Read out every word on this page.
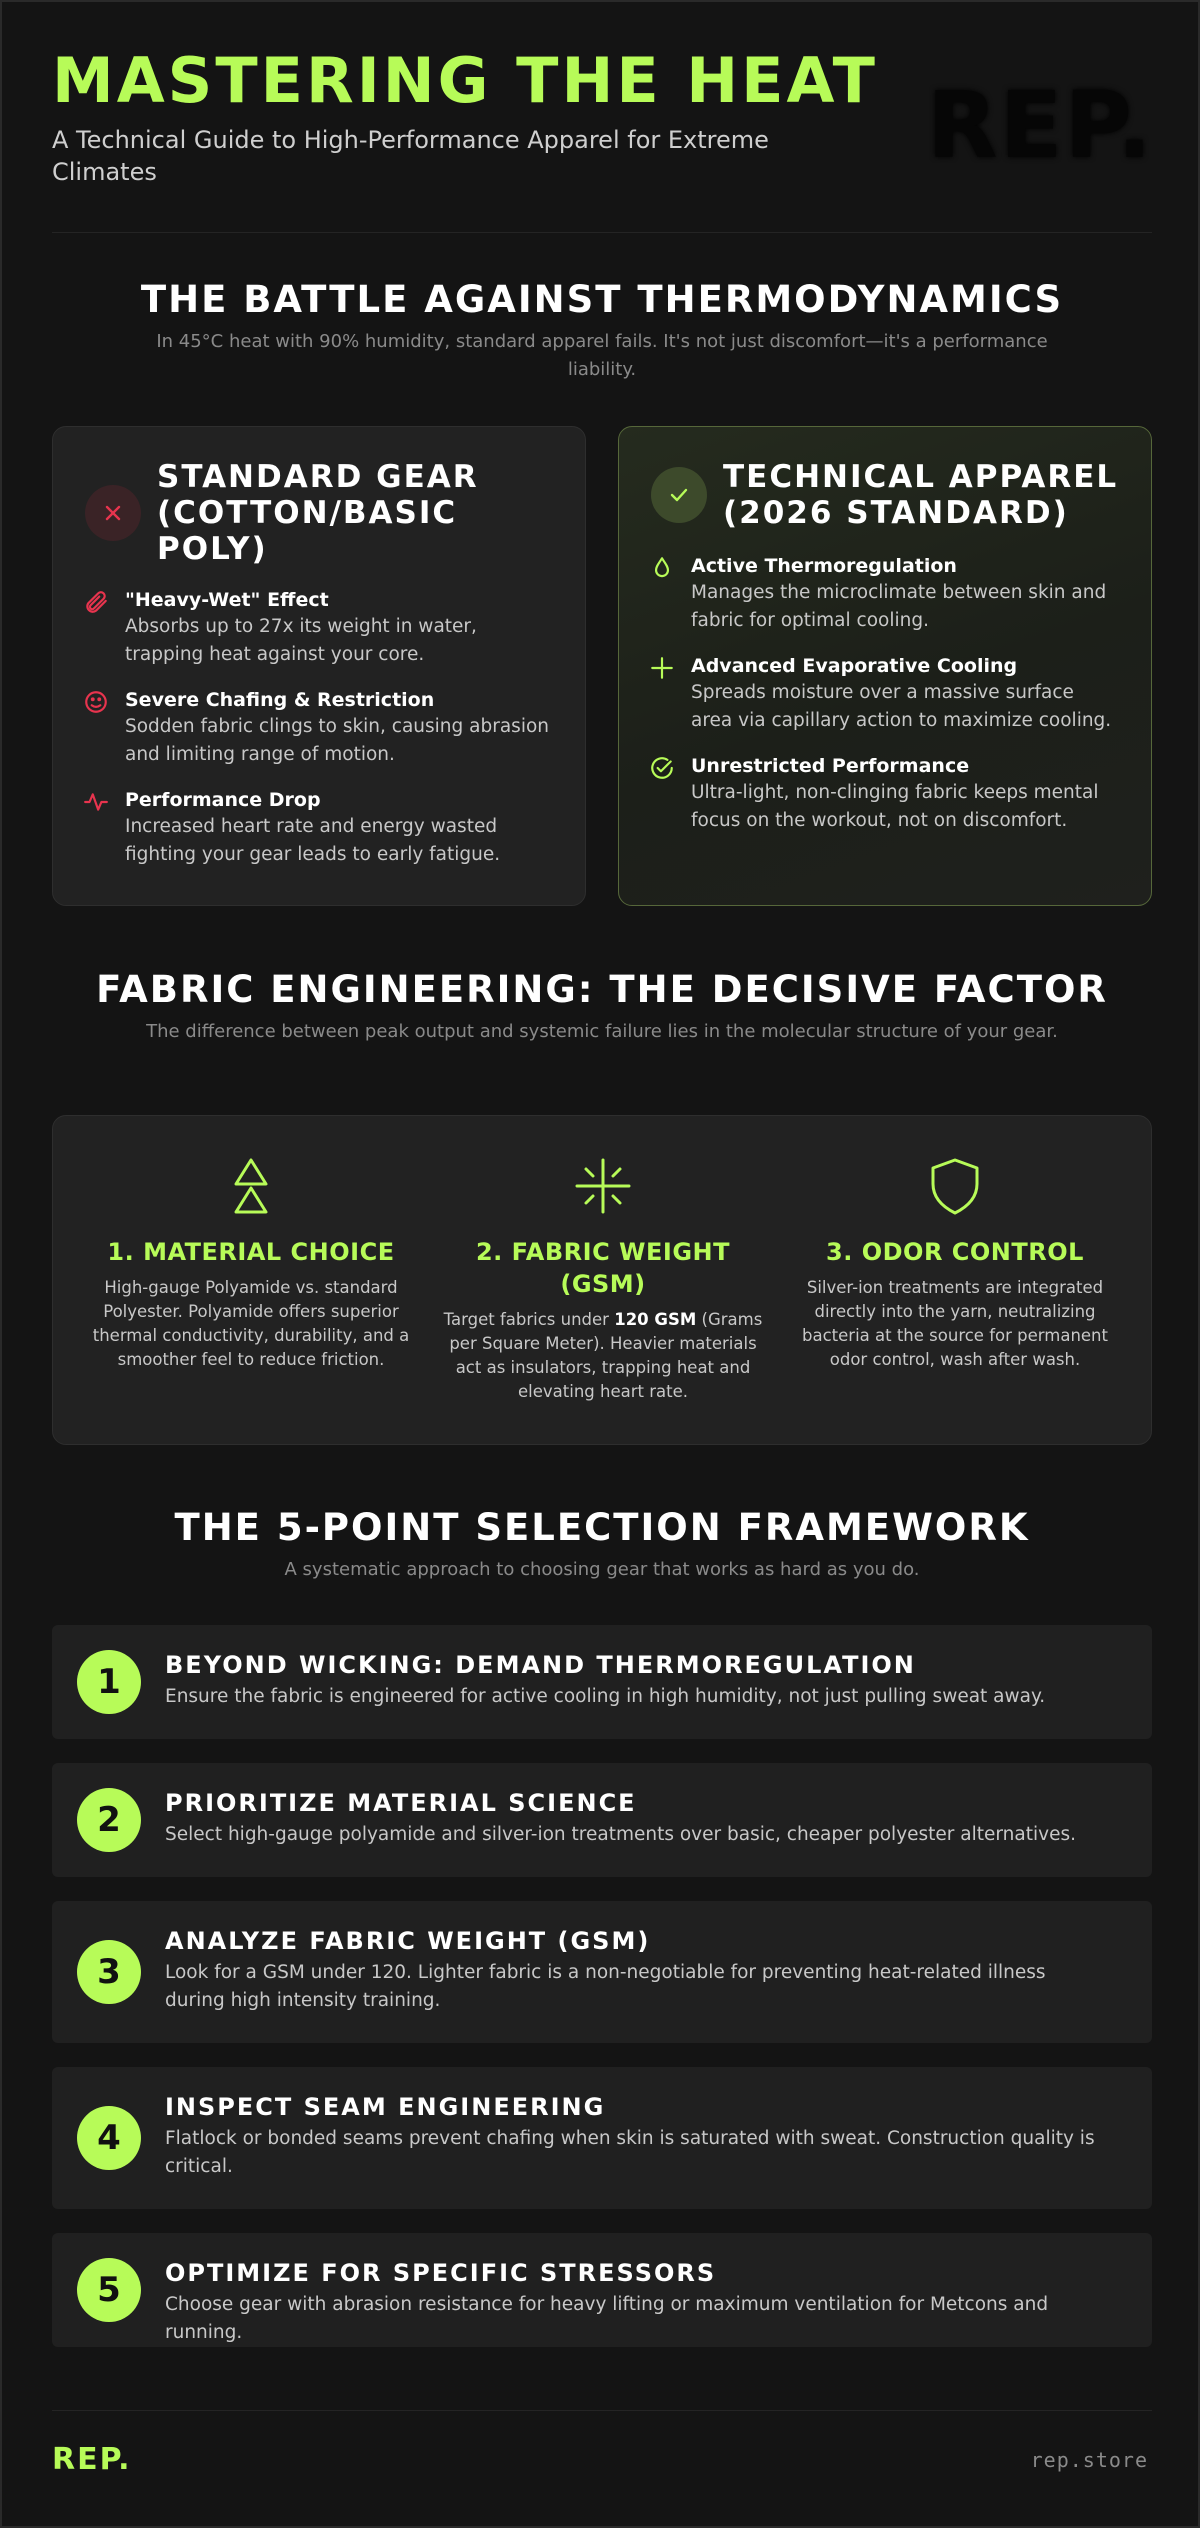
MASTERING THE HEAT
A Technical Guide to High-Performance Apparel for Extreme Climates	REP.
THE BATTLE AGAINST THERMODYNAMICS
In 45°C heat with 90% humidity, standard apparel fails. It's not just discomfort—it's a performance liability.
STANDARD GEAR (COTTON/BASIC POLY)
"Heavy-Wet" Effect
Absorbs up to 27x its weight in water, trapping heat against your core.
Severe Chafing & Restriction
Sodden fabric clings to skin, causing abrasion and limiting range of motion.
Performance Drop
Increased heart rate and energy wasted fighting your gear leads to early fatigue.
TECHNICAL APPAREL (2026 STANDARD)
Active Thermoregulation
Manages the microclimate between skin and fabric for optimal cooling.
Advanced Evaporative Cooling
Spreads moisture over a massive surface area via capillary action to maximize cooling.
Unrestricted Performance
Ultra-light, non-clinging fabric keeps mental focus on the workout, not on discomfort.
FABRIC ENGINEERING: THE DECISIVE FACTOR
The difference between peak output and systemic failure lies in the molecular structure of your gear.
1. MATERIAL CHOICE
High-gauge Polyamide vs. standard Polyester. Polyamide offers superior thermal conductivity, durability, and a smoother feel to reduce friction.
2. FABRIC WEIGHT (GSM)
Target fabrics under 120 GSM (Grams per Square Meter). Heavier materials act as insulators, trapping heat and elevating heart rate.
3. ODOR CONTROL
Silver-ion treatments are integrated directly into the yarn, neutralizing bacteria at the source for permanent odor control, wash after wash.
THE 5-POINT SELECTION FRAMEWORK
A systematic approach to choosing gear that works as hard as you do.
1	BEYOND WICKING: DEMAND THERMOREGULATION
Ensure the fabric is engineered for active cooling in high humidity, not just pulling sweat away.
2	PRIORITIZE MATERIAL SCIENCE
Select high-gauge polyamide and silver-ion treatments over basic, cheaper polyester alternatives.
3
ANALYZE FABRIC WEIGHT (GSM)
Look for a GSM under 120. Lighter fabric is a non-negotiable for preventing heat-related illness during high intensity training.
4
INSPECT SEAM ENGINEERING
Flatlock or bonded seams prevent chafing when skin is saturated with sweat. Construction quality is critical.
5	OPTIMIZE FOR SPECIFIC STRESSORS
Choose gear with abrasion resistance for heavy lifting or maximum ventilation for Metcons and running.
REP.	rep.store
